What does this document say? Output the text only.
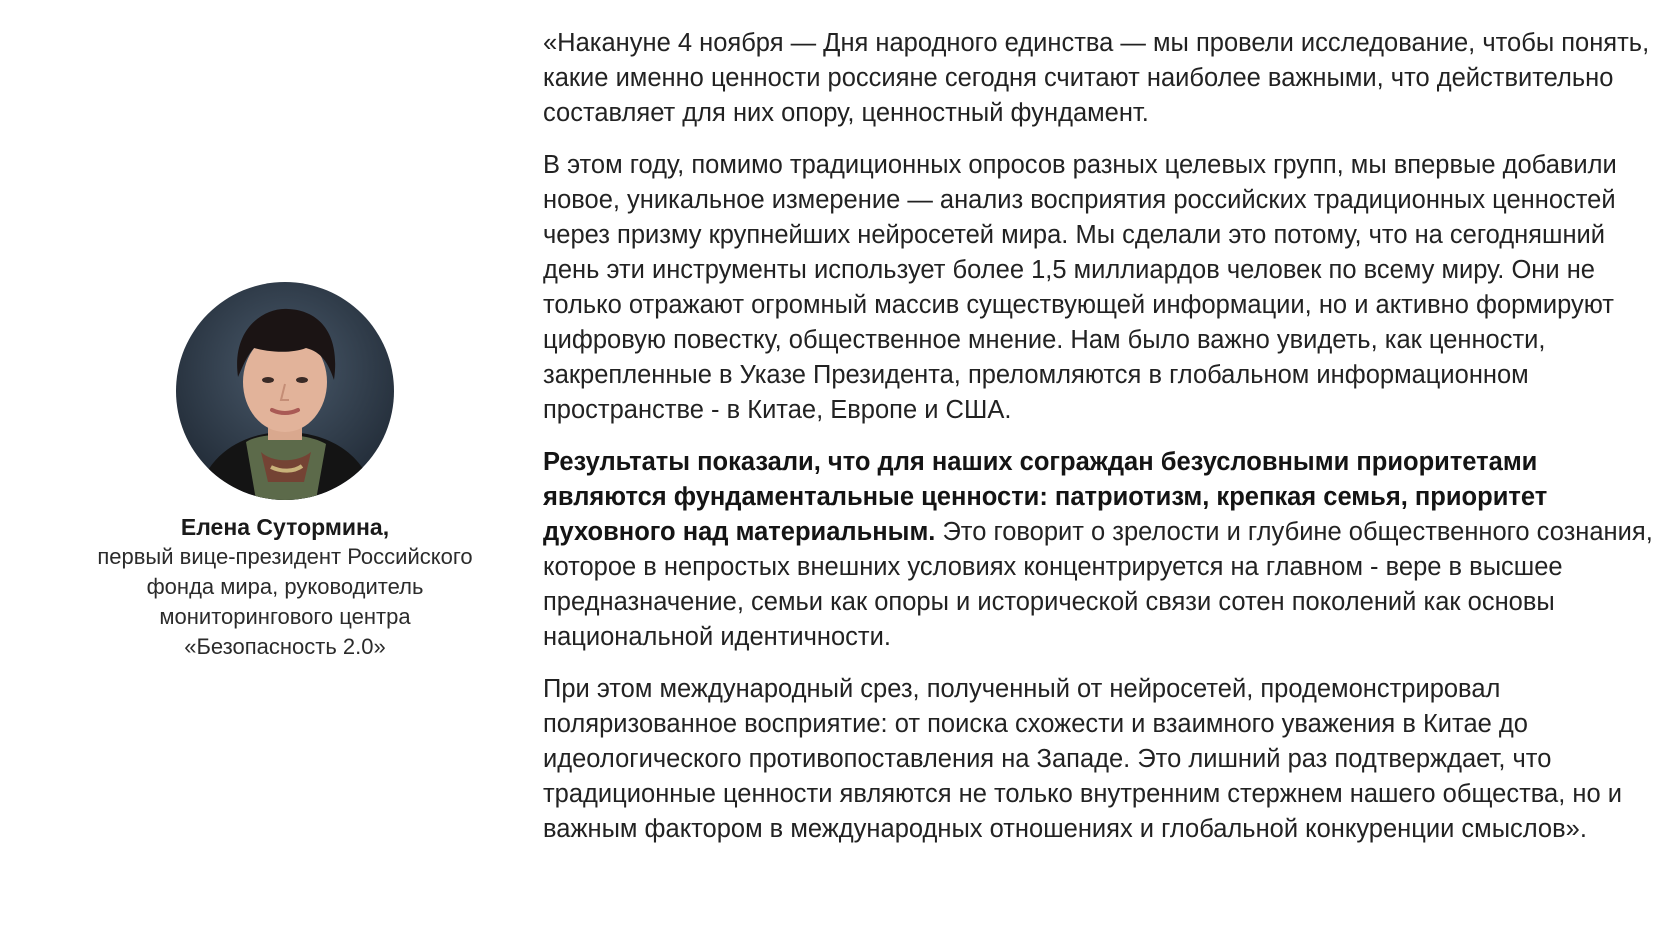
Елена Сутормина,
первый вице-президент Российского
фонда мира, руководитель
мониторингового центра
«Безопасность 2.0»

«Накануне 4 ноября — Дня народного единства — мы провели исследование, чтобы понять, какие именно ценности россияне сегодня считают наиболее важными, что действительно составляет для них опору, ценностный фундамент.

В этом году, помимо традиционных опросов разных целевых групп, мы впервые добавили новое, уникальное измерение — анализ восприятия российских традиционных ценностей через призму крупнейших нейросетей мира. Мы сделали это потому, что на сегодняшний день эти инструменты использует более 1,5 миллиардов человек по всему миру. Они не только отражают огромный массив существующей информации, но и активно формируют цифровую повестку, общественное мнение. Нам было важно увидеть, как ценности, закрепленные в Указе Президента, преломляются в глобальном информационном пространстве - в Китае, Европе и США.

Результаты показали, что для наших сограждан безусловными приоритетами являются фундаментальные ценности: патриотизм, крепкая семья, приоритет духовного над материальным. Это говорит о зрелости и глубине общественного сознания, которое в непростых внешних условиях концентрируется на главном - вере в высшее предназначение, семьи как опоры и исторической связи сотен поколений как основы национальной идентичности.

При этом международный срез, полученный от нейросетей, продемонстрировал поляризованное восприятие: от поиска схожести и взаимного уважения в Китае до идеологического противопоставления на Западе. Это лишний раз подтверждает, что традиционные ценности являются не только внутренним стержнем нашего общества, но и важным фактором в международных отношениях и глобальной конкуренции смыслов».
